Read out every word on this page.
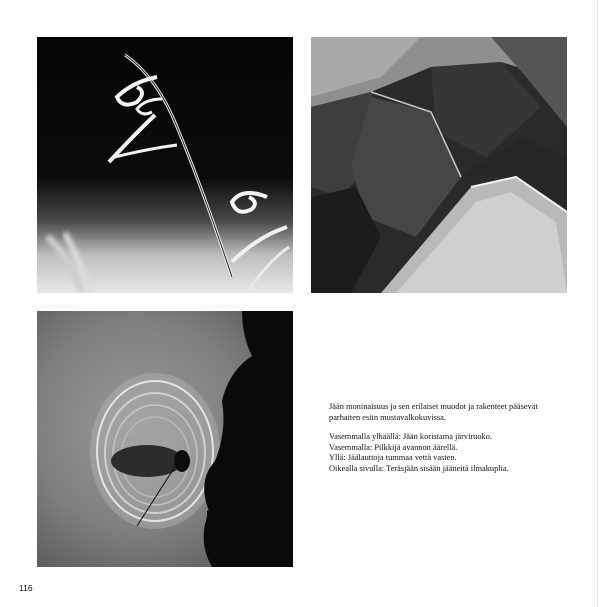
Jään moninaisuus ja sen erilaiset muodot ja rakenteet pääsevät parhaiten esiin mustavalkokuvissa.

Vasemmalla ylhäällä: Jään koristama järviruoko.
Vasemmalla: Pilkkijä avannon äärellä.
Yllä: Jäälauttoja tummaa vettä vasten.
Oikealla sivulla: Teräsjään sisään jääneitä ilmakuplia.
116
